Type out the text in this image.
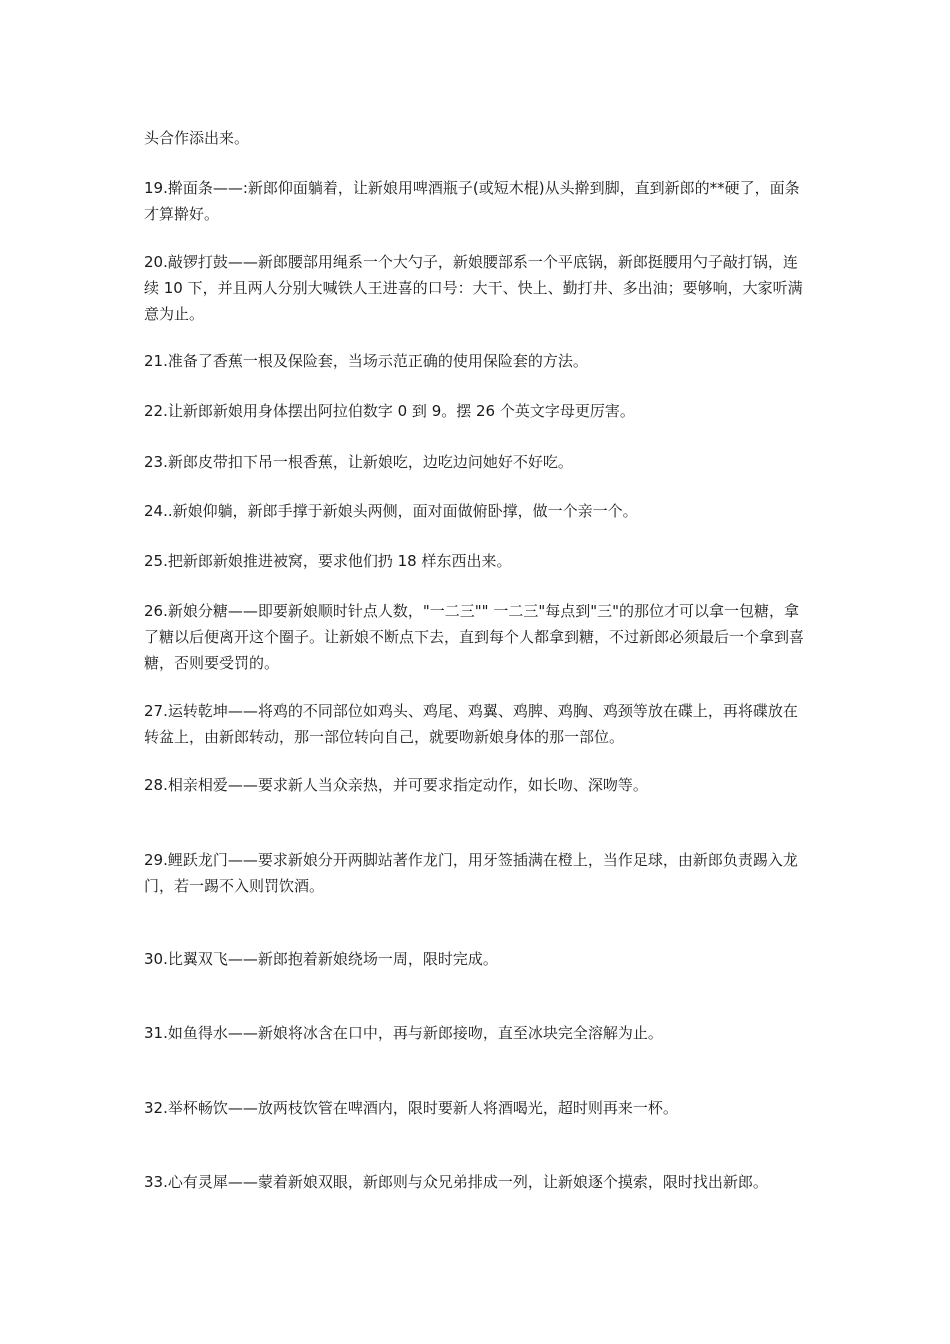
头合作添出来。

19.擀面条——:新郎仰面躺着，让新娘用啤酒瓶子(或短木棍)从头擀到脚，直到新郎的**硬了，面条才算擀好。

20.敲锣打鼓——新郎腰部用绳系一个大勺子，新娘腰部系一个平底锅，新郎挺腰用勺子敲打锅，连续 10 下，并且两人分别大喊铁人王进喜的口号：大干、快上、勤打井、多出油；要够响，大家听满意为止。

21.准备了香蕉一根及保险套，当场示范正确的使用保险套的方法。

22.让新郎新娘用身体摆出阿拉伯数字 0 到 9。摆 26 个英文字母更厉害。

23.新郎皮带扣下吊一根香蕉，让新娘吃，边吃边问她好不好吃。

24..新娘仰躺，新郎手撑于新娘头两侧，面对面做俯卧撑，做一个亲一个。

25.把新郎新娘推进被窝，要求他们扔 18 样东西出来。

26.新娘分糖——即要新娘顺时针点人数，"一二三"" 一二三"每点到"三"的那位才可以拿一包糖，拿了糖以后便离开这个圈子。让新娘不断点下去，直到每个人都拿到糖，不过新郎必须最后一个拿到喜糖，否则要受罚的。

27.运转乾坤——将鸡的不同部位如鸡头、鸡尾、鸡翼、鸡脾、鸡胸、鸡颈等放在碟上，再将碟放在转盆上，由新郎转动，那一部位转向自己，就要吻新娘身体的那一部位。

28.相亲相爱——要求新人当众亲热，并可要求指定动作，如长吻、深吻等。

29.鲤跃龙门——要求新娘分开两脚站著作龙门，用牙签插满在橙上，当作足球，由新郎负责踢入龙门，若一踢不入则罚饮酒。

30.比翼双飞——新郎抱着新娘绕场一周，限时完成。

31.如鱼得水——新娘将冰含在口中，再与新郎接吻，直至冰块完全溶解为止。

32.举杯畅饮——放两枝饮管在啤酒内，限时要新人将酒喝光，超时则再来一杯。

33.心有灵犀——蒙着新娘双眼，新郎则与众兄弟排成一列，让新娘逐个摸索，限时找出新郎。
